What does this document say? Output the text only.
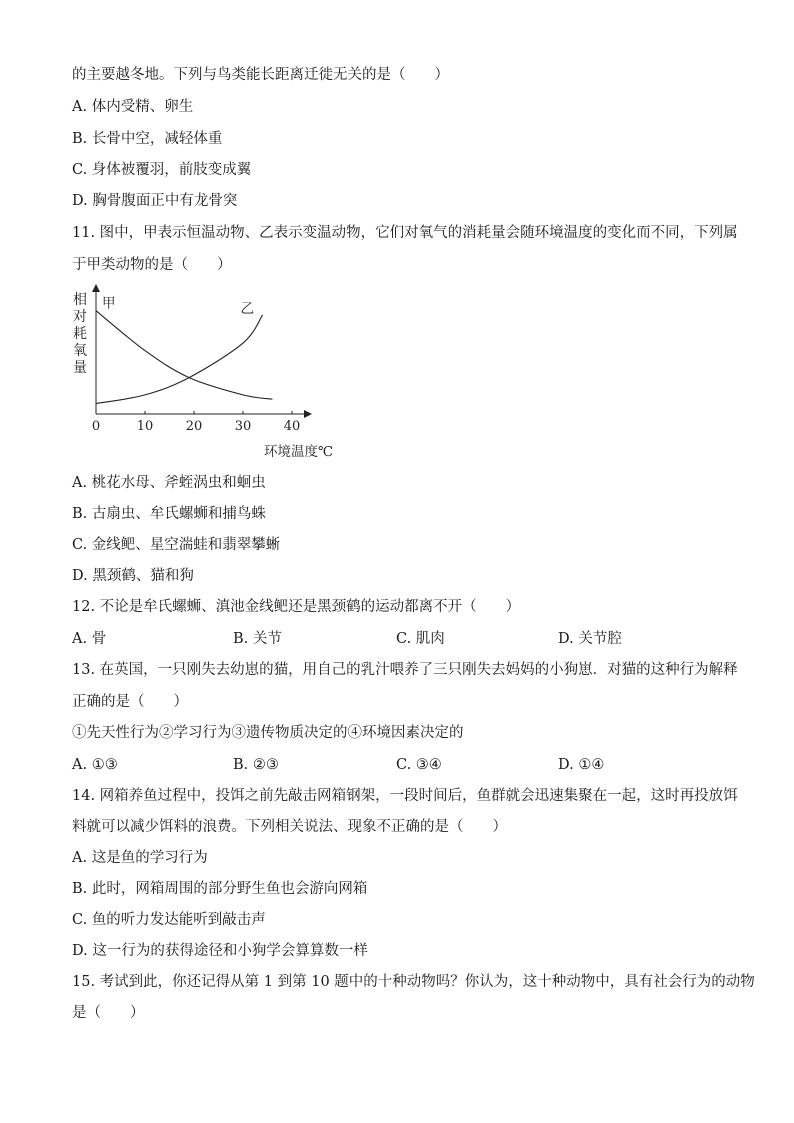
的主要越冬地。下列与鸟类能长距离迁徙无关的是（　　）
A. 体内受精、卵生
B. 长骨中空，减轻体重
C. 身体被覆羽，前肢变成翼
D. 胸骨腹面正中有龙骨突
11. 图中，甲表示恒温动物、乙表示变温动物，它们对氧气的消耗量会随环境温度的变化而不同，下列属
于甲类动物的是（　　）
相对耗氧量
0	10 20 30 40
甲	乙
环境温度℃
A. 桃花水母、斧蛭涡虫和蛔虫
B. 古扇虫、牟氏螺蛳和捕鸟蛛
C. 金线鲃、星空湍蛙和翡翠攀蜥
D. 黑颈鹤、猫和狗
12. 不论是牟氏螺蛳、滇池金线鲃还是黑颈鹤的运动都离不开（　　）
A. 骨	B. 关节	C. 肌肉	D. 关节腔
13. 在英国，一只刚失去幼崽的猫，用自己的乳汁喂养了三只刚失去妈妈的小狗崽．对猫的这种行为解释
正确的是（　　）
①先天性行为②学习行为③遗传物质决定的④环境因素决定的
A. ①③	B. ②③	C. ③④	D. ①④
14. 网箱养鱼过程中，投饵之前先敲击网箱钢架，一段时间后，鱼群就会迅速集聚在一起，这时再投放饵
料就可以减少饵料的浪费。下列相关说法、现象不正确的是（　　）
A. 这是鱼的学习行为
B. 此时，网箱周围的部分野生鱼也会游向网箱
C. 鱼的听力发达能听到敲击声
D. 这一行为的获得途径和小狗学会算算数一样
15. 考试到此，你还记得从第 1 到第 10 题中的十种动物吗？你认为，这十种动物中，具有社会行为的动物
是（　　）
